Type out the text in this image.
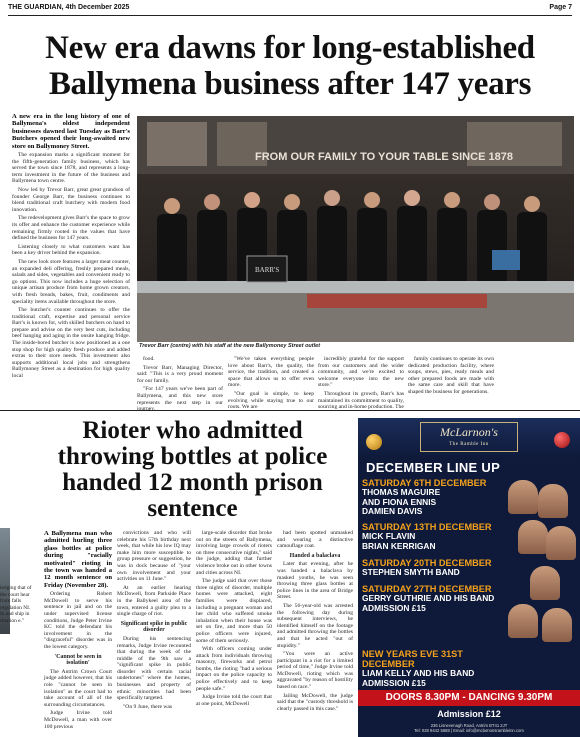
THE GUARDIAN, 4th December 2025	Page 7
New era dawns for long-established
Ballymena business after 147 years

A new era in the long history of one of Ballymena's oldest independent businesses dawned last Tuesday as Barr's Butchers opened their long-awaited new store on Ballymoney Street.

The expansion marks a significant moment for the fifth-generation family business, which has served the town since 1878, and represents a long-term investment in the future of the business and Ballymena town centre.

Now led by Trevor Barr, great great grandson of founder George Barr, the business continues to blend traditional craft butchery with modern food innovation.

The redevelopment gives Barr's the space to grow its offer and enhance the customer experience while remaining firmly rooted in the values that have defined the business for 147 years.

Listening closely to what customers want has been a key driver behind the expansion.

The new look store features a larger meat counter, an expanded deli offering, freshly prepared meals, salads and sides, vegetables and convenient ready to go options. This now includes a huge selection of unique artisan produce from home grown creators, with fresh breads, bakes, fruit, condiments and speciality items available throughout the store.

The butcher's counter continues to offer the traditional craft, expertise and personal service Barr's is known for, with skilled butchers on hand to prepare and advise on the very best cuts, including beef hanging and aging in the onsite hanging fridge. The inside-bored butcher is now positioned as a one stop shop for high quality fresh produce and added extras to their store needs. This investment also supports additional local jobs and strengthens Ballymoney Street as a destination for high quality local

FROM OUR FAMILY TO YOUR TABLE SINCE 1878
BARR'S
Trevor Barr (centre) with his staff at the new Ballymoney Street outlet

food.

Trevor Barr, Managing Director, said: "This is a very proud moment for our family.

"For 147 years we've been part of Ballymena, and this new store represents the next step in our journey.

"We've taken everything people love about Barr's, the quality, the service, the tradition, and created a space that allows us to offer even more.

"Our goal is simple, to keep evolving while staying true to our roots. We are

incredibly grateful for the support from our customers and the wider community, and we're excited to welcome everyone into the new store."

Throughout its growth, Barr's has maintained its commitment to quality, sourcing and in-home production. The

family continues to operate its own dedicated production facility, where soups, stews, pies, ready meals and other prepared foods are made with the same care and skill that have shaped the business for generations.

Rioter who admitted throwing bottles at police handed 12 month prison sentence
ledging that of the court hear from falls regulation NI. In and ship in rmation e."

A Ballymena man who admitted hurling three glass bottles at police during "racially motivated" rioting in the town was handed a 12 month sentence on Friday (November 28).

Ordering Robert McDowell to serve his sentence in jail and on the under supervised license conditions, Judge Peter Irvine KC told the defendant his involvement in the "disgraceful" disorder was in the lowest category.

'Cannot be seen in isolation'

The Antrim Crown Court judge added however, that his role "cannot be seen in isolation" as the court had to take account of all of the surrounding circumstances.

Judge Irvine told McDowell, a man with over 100 previous

convictions and who will celebrate his 57th birthday next week, that while his low IQ may make him more susceptible to group pressure or suggestion, he was in dock because of "your own involvement and your activities on 11 June."

At an earlier hearing McDowell, from Parkside Place in the Ballykeel area of the town, entered a guilty plea to a single charge of riot.

Significant spike in public disorder

During his sentencing remarks, Judge Irvine recounted that during the week of the middle of the 9th saw a "significant spike in public disorder with certain racial undertones" where the homes, businesses and property of ethnic minorities had been specifically targeted.

"On 9 June, there was

large-scale disorder that broke out on the streets of Ballymena, involving large crowds of rioters on three consecutive nights," said the judge, adding that further violence broke out in other towns and cities across NI.

The judge said that over those three nights of disorder, multiple homes were attacked, eight families were displaced, including a pregnant woman and her child who suffered smoke inhalation when their house was set on fire, and more than 50 police officers were injured, some of them seriously.

With officers coming under attack from individuals throwing masonry, fireworks and petrol bombs, the rioting "had a serious impact on the police capacity to police effectively and to keep people safe."

Judge Irvine told the court that at one point, McDowell

had been spotted unmasked and wearing a distinctive camouflage coat.

Handed a balaclava

Later that evening, after he was handed a balaclava by masked youths, he was seen throwing three glass bottles at police lines in the area of Bridge Street.

The 56-year-old was arrested the following day during subsequent interviews, he identified himself on the footage and admitted throwing the bottles and that he acted "out of stupidity."

"You were an active participant in a riot for a limited period of time," Judge Irvine told McDowell, rioting which was aggravated "by reason of hostility based on race."

Jailing McDowell, the judge said that the "custody threshold is clearly passed in this case."

McLarnon's
The Ramble Inn
DECEMBER LINE UP
SATURDAY 6TH DECEMBER
THOMAS MAGUIRE
AND FIONA ENNIS
DAMIEN DAVIS
SATURDAY 13TH DECEMBER
MICK FLAVIN
BRIAN KERRIGAN
SATURDAY 20TH DECEMBER
STEPHEN SMYTH BAND
SATURDAY 27TH DECEMBER
GERRY GUTHRIE AND HIS BAND
ADMISSION £15
NEW YEARS EVE 31ST DECEMBER
LIAM KELLY AND HIS BAND
ADMISSION £15
DOORS 8.30PM - DANCING 9.30PM
Admission £12
236 Lisnevenagh Road, Antrim BT41 2JT
Tel: 028 9442 5688 | Email: info@mclarnonsrambleinn.com
